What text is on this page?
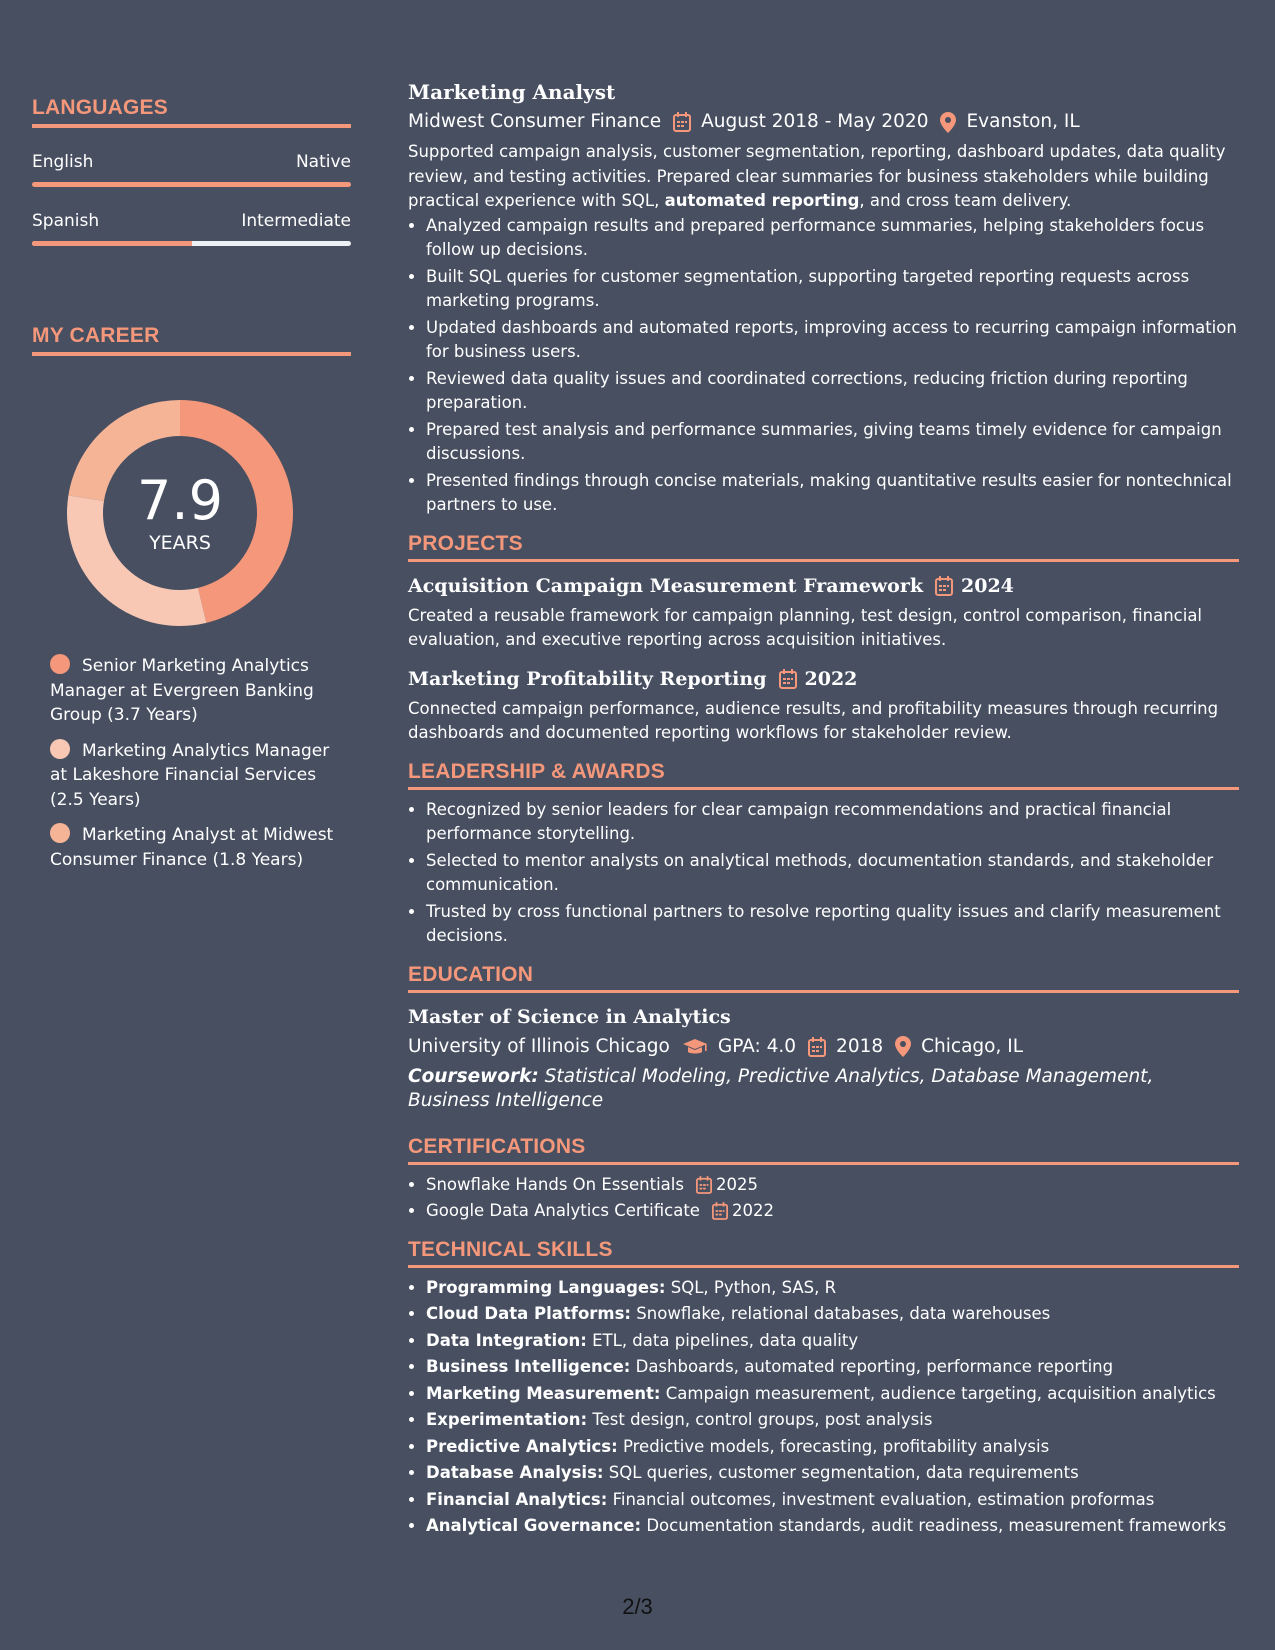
LANGUAGES
English	Native
Spanish	Intermediate
MY CAREER
7.9
YEARS
Senior Marketing Analytics Manager at Evergreen Banking Group (3.7 Years)
Marketing Analytics Manager at Lakeshore Financial Services (2.5 Years)
Marketing Analyst at Midwest Consumer Finance (1.8 Years)
Marketing Analyst
Midwest Consumer Finance August 2018 - May 2020 Evanston, IL

Supported campaign analysis, customer segmentation, reporting, dashboard updates, data quality review, and testing activities. Prepared clear summaries for business stakeholders while building practical experience with SQL, automated reporting, and cross team delivery.

• Analyzed campaign results and prepared performance summaries, helping stakeholders focus follow up decisions.
• Built SQL queries for customer segmentation, supporting targeted reporting requests across marketing programs.
• Updated dashboards and automated reports, improving access to recurring campaign information for business users.
• Reviewed data quality issues and coordinated corrections, reducing friction during reporting preparation.
• Prepared test analysis and performance summaries, giving teams timely evidence for campaign discussions.
• Presented findings through concise materials, making quantitative results easier for nontechnical partners to use.
PROJECTS
Acquisition Campaign Measurement Framework 2024

Created a reusable framework for campaign planning, test design, control comparison, financial evaluation, and executive reporting across acquisition initiatives.

Marketing Profitability Reporting 2022

Connected campaign performance, audience results, and profitability measures through recurring dashboards and documented reporting workflows for stakeholder review.

LEADERSHIP & AWARDS
• Recognized by senior leaders for clear campaign recommendations and practical financial performance storytelling.
• Selected to mentor analysts on analytical methods, documentation standards, and stakeholder communication.
• Trusted by cross functional partners to resolve reporting quality issues and clarify measurement decisions.
EDUCATION
Master of Science in Analytics
University of Illinois Chicago	GPA: 4.0 2018 Chicago, IL
Coursework: Statistical Modeling, Predictive Analytics, Database Management, Business Intelligence
CERTIFICATIONS
• Snowflake Hands On Essentials 2025
• Google Data Analytics Certificate 2022
TECHNICAL SKILLS
• Programming Languages: SQL, Python, SAS, R
• Cloud Data Platforms: Snowflake, relational databases, data warehouses
• Data Integration: ETL, data pipelines, data quality
• Business Intelligence: Dashboards, automated reporting, performance reporting
• Marketing Measurement: Campaign measurement, audience targeting, acquisition analytics
• Experimentation: Test design, control groups, post analysis
• Predictive Analytics: Predictive models, forecasting, profitability analysis
• Database Analysis: SQL queries, customer segmentation, data requirements
• Financial Analytics: Financial outcomes, investment evaluation, estimation proformas
• Analytical Governance: Documentation standards, audit readiness, measurement frameworks
2/3
